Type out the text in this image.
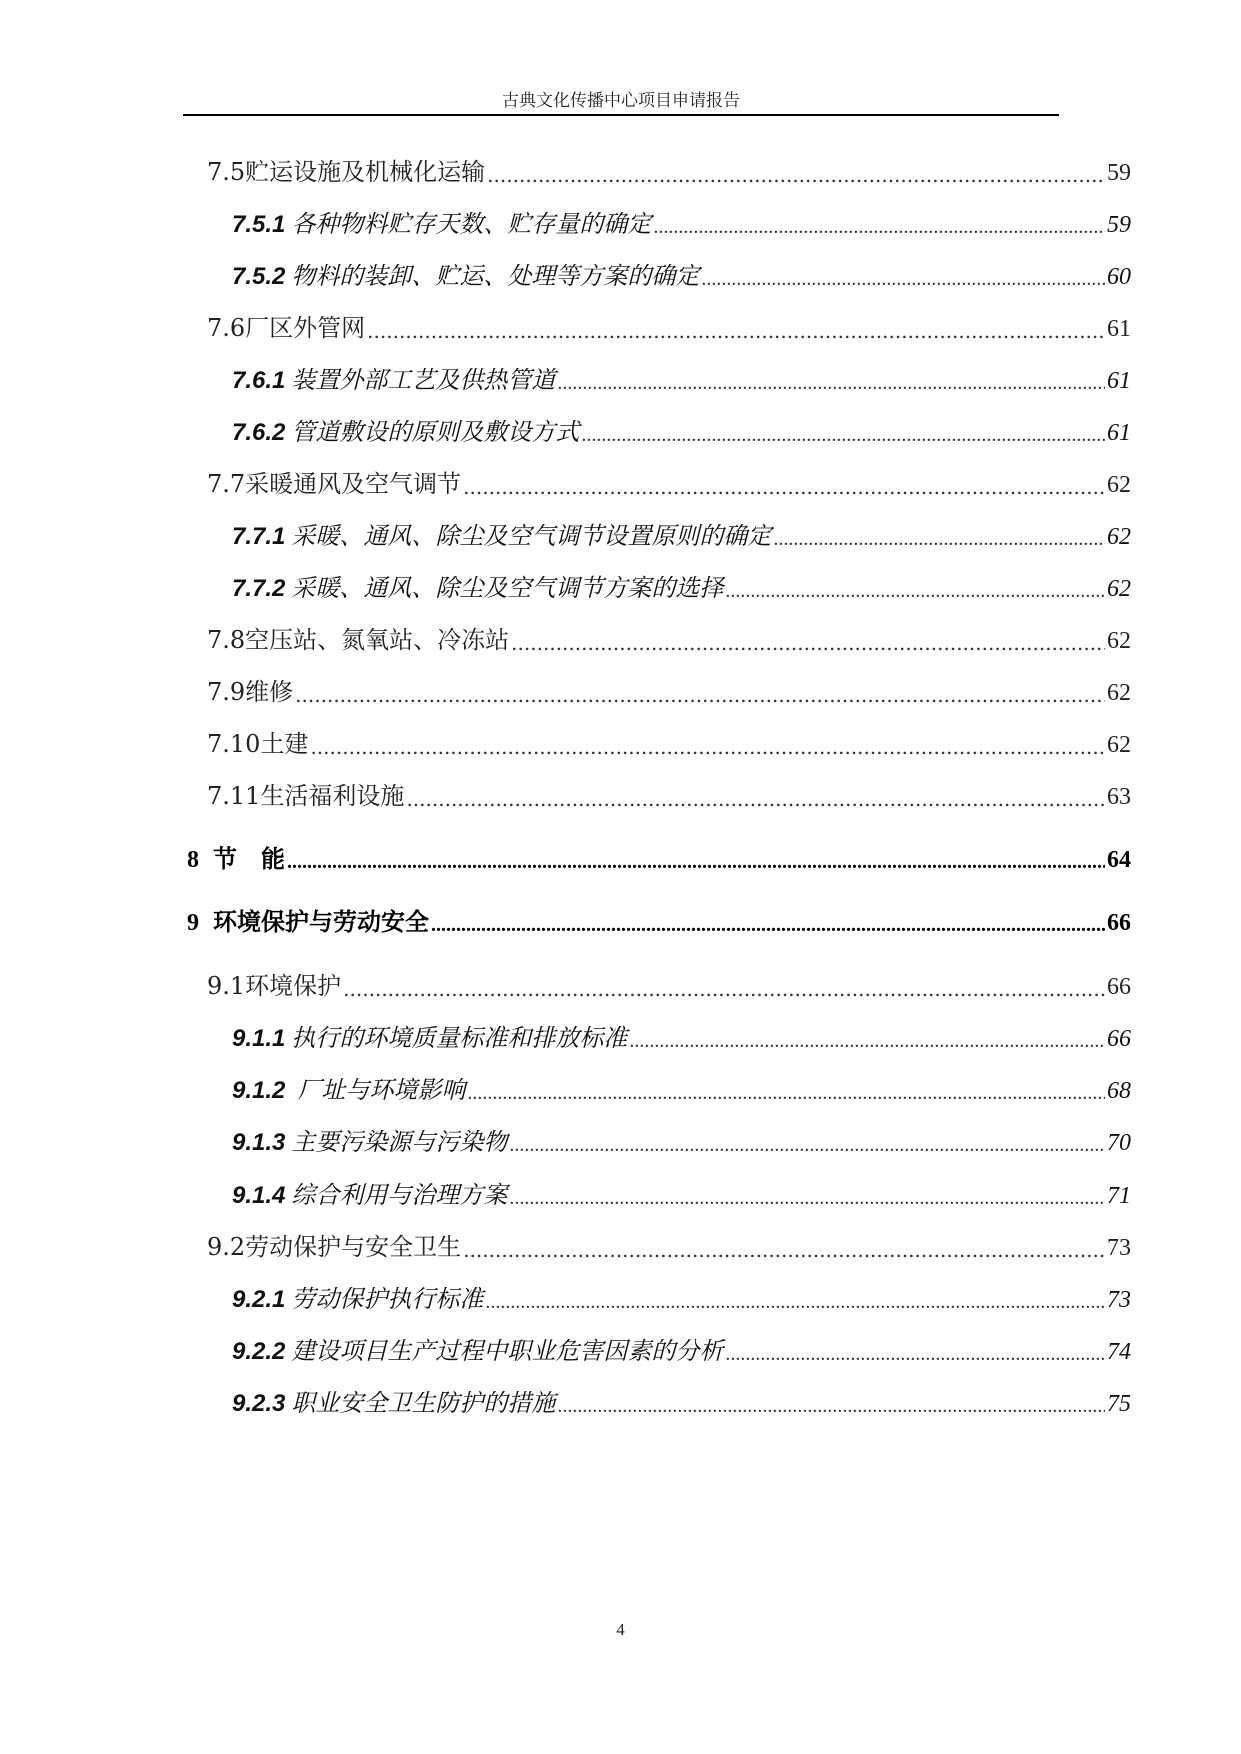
古典文化传播中心项目申请报告
7.5贮运设施及机械化运输 .....	59
7.5.1 各种物料贮存天数、贮存量的确定 .....	59
7.5.2 物料的装卸、贮运、处理等方案的确定 .....	60
7.6厂区外管网 .....	61
7.6.1 装置外部工艺及供热管道 .....	61
7.6.2 管道敷设的原则及敷设方式 .....	61
7.7采暖通风及空气调节 .....	62
7.7.1 采暖、通风、除尘及空气调节设置原则的确定 .....	62
7.7.2 采暖、通风、除尘及空气调节方案的选择 .....	62
7.8空压站、氮氧站、冷冻站 .....	62
7.9维修 .....	62
7.10土建 .....	62
7.11生活福利设施 .....	63
8 节    能 .....	64
9 环境保护与劳动安全 .....	66
9.1环境保护 .....	66
9.1.1 执行的环境质量标准和排放标准 .....	66
9.1.2 厂址与环境影响 .....	68
9.1.3 主要污染源与污染物 .....	70
9.1.4 综合利用与治理方案 .....	71
9.2劳动保护与安全卫生 .....	73
9.2.1 劳动保护执行标准 .....	73
9.2.2 建设项目生产过程中职业危害因素的分析 .....	74
9.2.3 职业安全卫生防护的措施 .....	75
4
